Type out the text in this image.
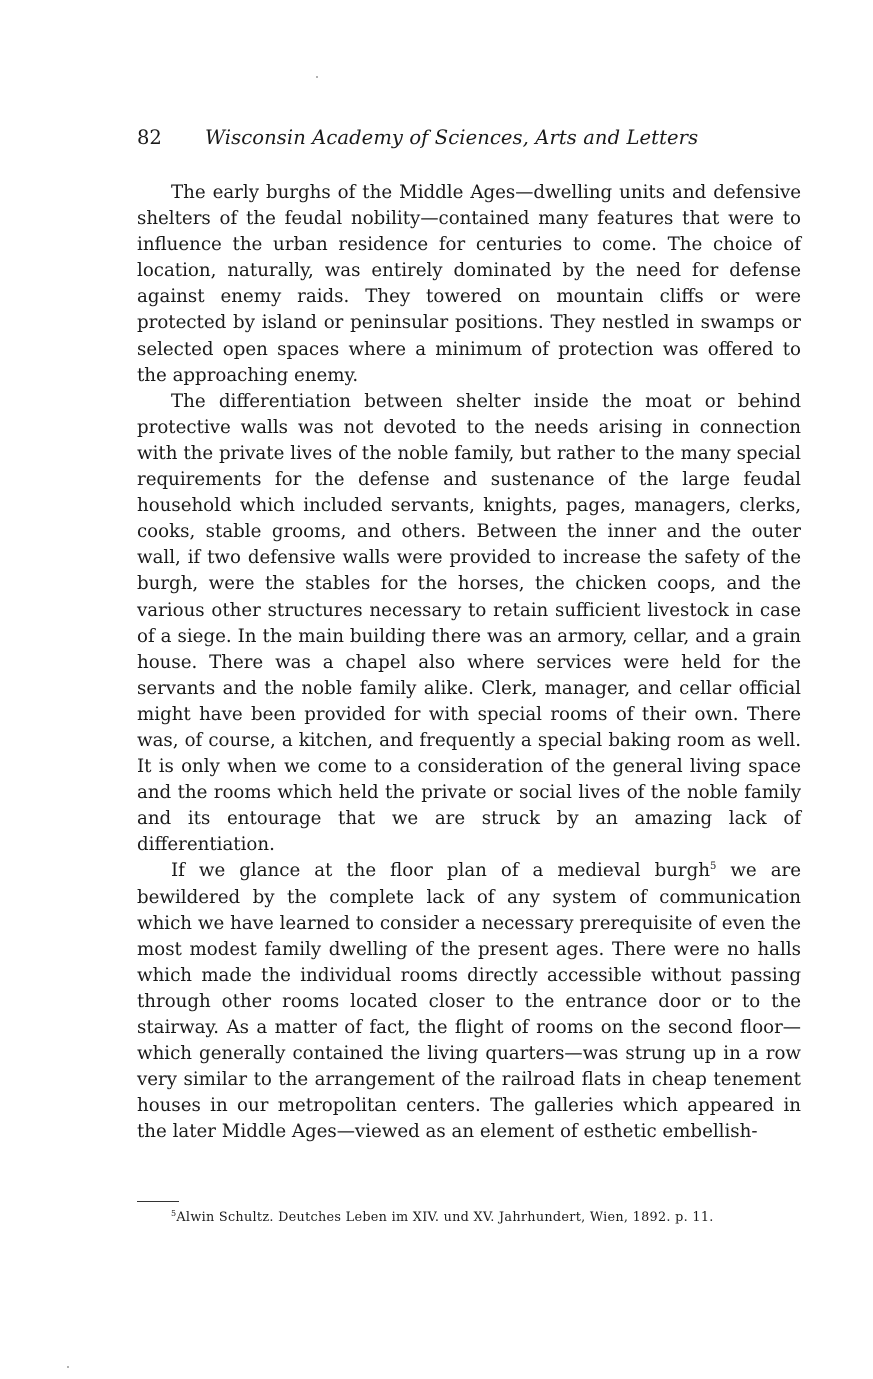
82 Wisconsin Academy of Sciences, Arts and Letters

The early burghs of the Middle Ages—dwelling units and defensive shelters of the feudal nobility—contained many features that were to influence the urban residence for centuries to come. The choice of location, naturally, was entirely dominated by the need for defense against enemy raids. They towered on mountain cliffs or were protected by island or peninsular positions. They nestled in swamps or selected open spaces where a minimum of protection was offered to the approaching enemy.

The differentiation between shelter inside the moat or behind protective walls was not devoted to the needs arising in connection with the private lives of the noble family, but rather to the many special requirements for the defense and sustenance of the large feudal household which included servants, knights, pages, managers, clerks, cooks, stable grooms, and others. Between the inner and the outer wall, if two defensive walls were provided to increase the safety of the burgh, were the stables for the horses, the chicken coops, and the various other structures necessary to retain sufficient livestock in case of a siege. In the main building there was an armory, cellar, and a grain house. There was a chapel also where services were held for the servants and the noble family alike. Clerk, manager, and cellar official might have been provided for with special rooms of their own. There was, of course, a kitchen, and frequently a special baking room as well. It is only when we come to a consideration of the general living space and the rooms which held the private or social lives of the noble family and its entourage that we are struck by an amazing lack of differentiation.

If we glance at the floor plan of a medieval burgh$^5$ we are bewildered by the complete lack of any system of communication which we have learned to consider a necessary prerequisite of even the most modest family dwelling of the present ages. There were no halls which made the individual rooms directly accessible without passing through other rooms located closer to the entrance door or to the stairway. As a matter of fact, the flight of rooms on the second floor—which generally contained the living quarters—was strung up in a row very similar to the arrangement of the railroad flats in cheap tenement houses in our metropolitan centers. The galleries which appeared in the later Middle Ages—viewed as an element of esthetic embellish-

$^5$Alwin Schultz. Deutches Leben im XIV. und XV. Jahrhundert, Wien, 1892. p. 11.
